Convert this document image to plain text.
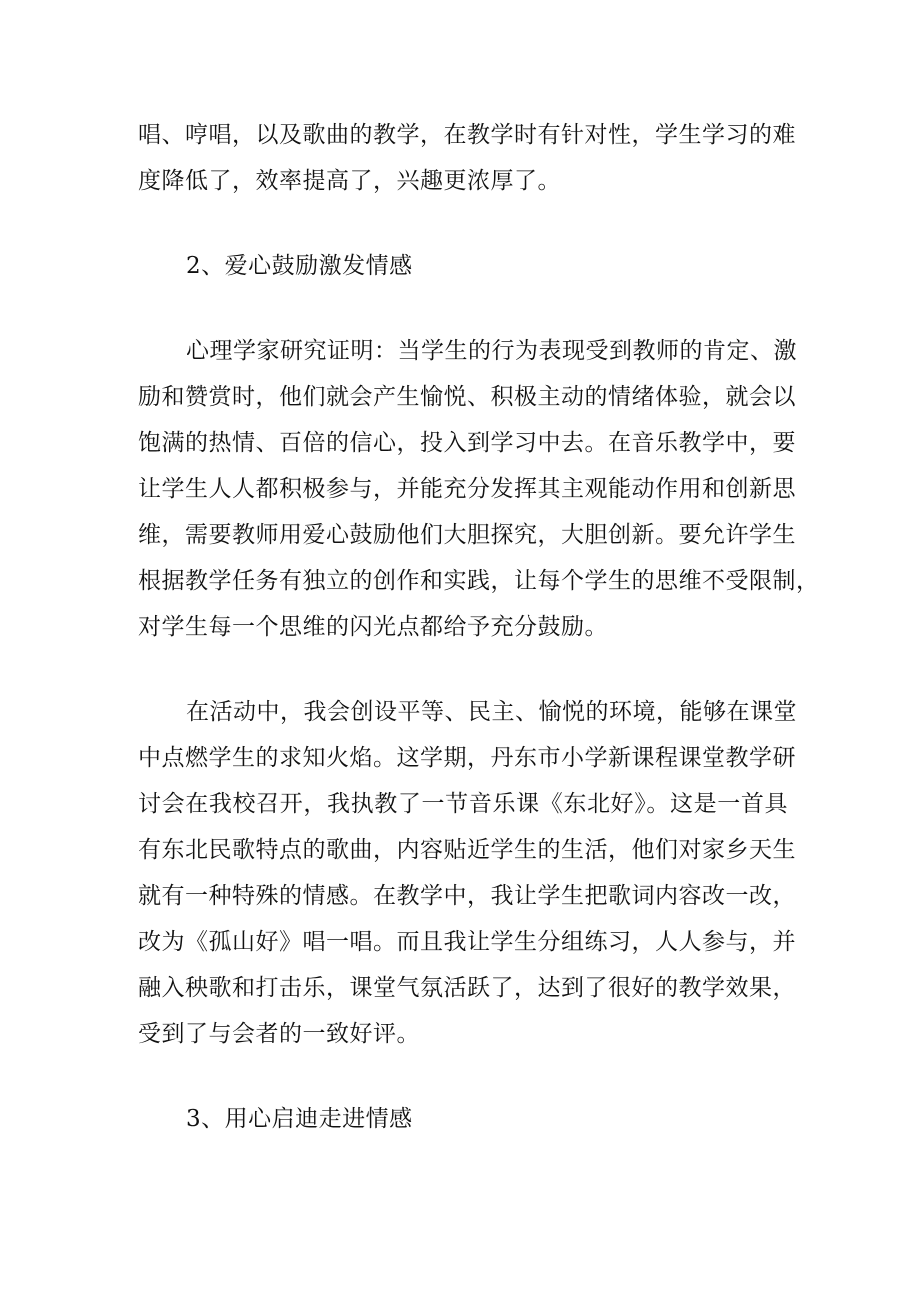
唱、哼唱，以及歌曲的教学，在教学时有针对性，学生学习的难
度降低了，效率提高了，兴趣更浓厚了。
2、爱心鼓励激发情感
心理学家研究证明：当学生的行为表现受到教师的肯定、激
励和赞赏时，他们就会产生愉悦、积极主动的情绪体验，就会以
饱满的热情、百倍的信心，投入到学习中去。在音乐教学中，要
让学生人人都积极参与，并能充分发挥其主观能动作用和创新思
维，需要教师用爱心鼓励他们大胆探究，大胆创新。要允许学生
根据教学任务有独立的创作和实践，让每个学生的思维不受限制，
对学生每一个思维的闪光点都给予充分鼓励。
在活动中，我会创设平等、民主、愉悦的环境，能够在课堂
中点燃学生的求知火焰。这学期，丹东市小学新课程课堂教学研
讨会在我校召开，我执教了一节音乐课《东北好》。这是一首具
有东北民歌特点的歌曲，内容贴近学生的生活，他们对家乡天生
就有一种特殊的情感。在教学中，我让学生把歌词内容改一改，
改为《孤山好》唱一唱。而且我让学生分组练习，人人参与，并
融入秧歌和打击乐，课堂气氛活跃了，达到了很好的教学效果，
受到了与会者的一致好评。
3、用心启迪走进情感
